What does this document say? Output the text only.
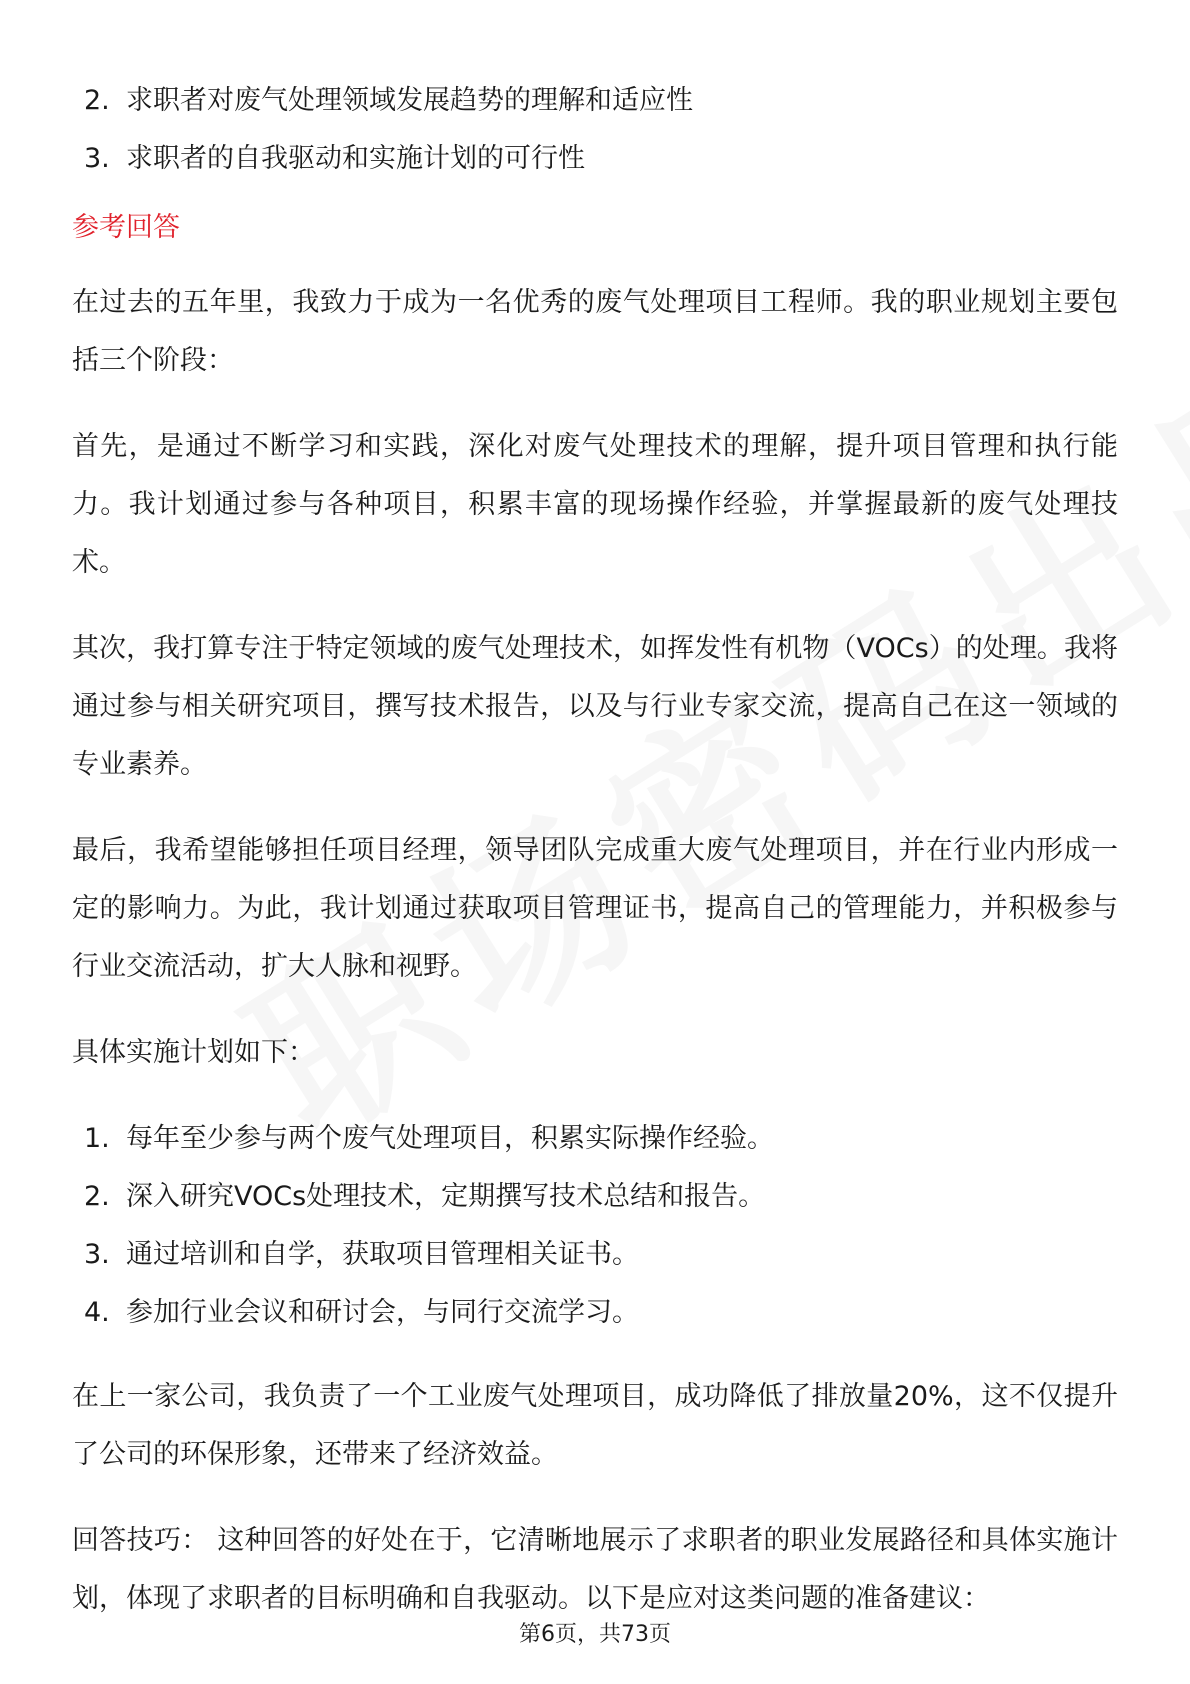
2. 求职者对废气处理领域发展趋势的理解和适应性
3. 求职者的自我驱动和实施计划的可行性
参考回答

在过去的五年里，我致力于成为一名优秀的废气处理项目工程师。我的职业规划主要包括三个阶段：

首先，是通过不断学习和实践，深化对废气处理技术的理解，提升项目管理和执行能力。我计划通过参与各种项目，积累丰富的现场操作经验，并掌握最新的废气处理技术。

其次，我打算专注于特定领域的废气处理技术，如挥发性有机物（VOCs）的处理。我将通过参与相关研究项目，撰写技术报告，以及与行业专家交流，提高自己在这一领域的专业素养。

最后，我希望能够担任项目经理，领导团队完成重大废气处理项目，并在行业内形成一定的影响力。为此，我计划通过获取项目管理证书，提高自己的管理能力，并积极参与行业交流活动，扩大人脉和视野。

具体实施计划如下：

1. 每年至少参与两个废气处理项目，积累实际操作经验。
2. 深入研究VOCs处理技术，定期撰写技术总结和报告。
3. 通过培训和自学，获取项目管理相关证书。
4. 参加行业会议和研讨会，与同行交流学习。

在上一家公司，我负责了一个工业废气处理项目，成功降低了排放量20%，这不仅提升了公司的环保形象，还带来了经济效益。

回答技巧： 这种回答的好处在于，它清晰地展示了求职者的职业发展路径和具体实施计划，体现了求职者的目标明确和自我驱动。以下是应对这类问题的准备建议：

第6页，共73页
